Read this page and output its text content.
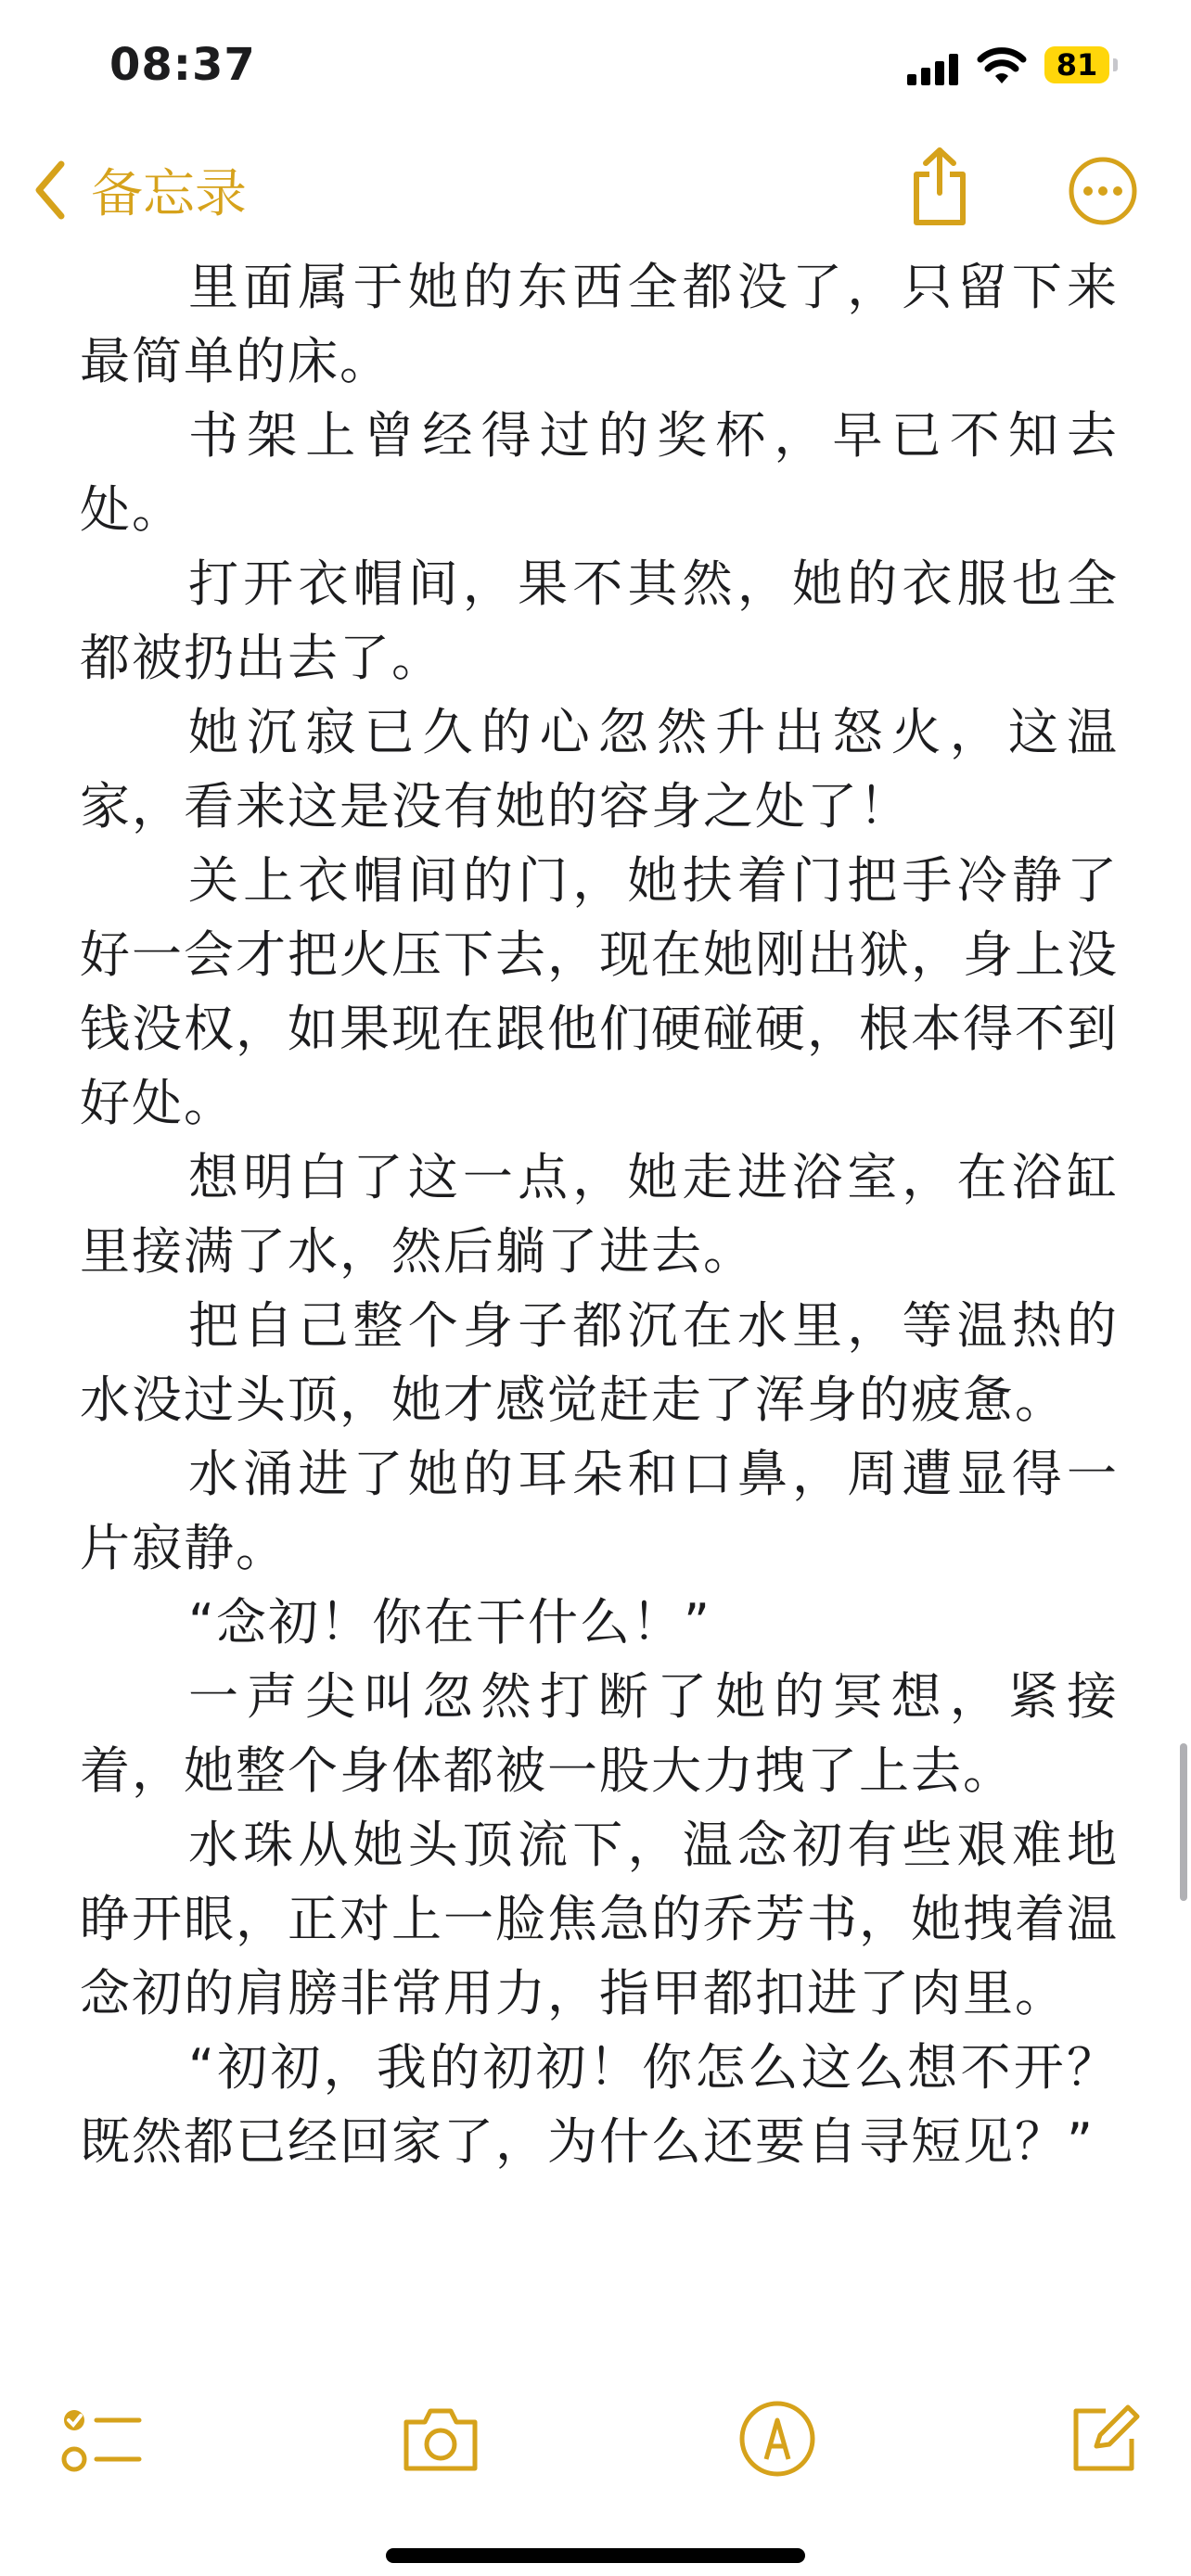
08:37	81

备忘录

里面属于她的东西全都没了，只留下来最简单的床。

书架上曾经得过的奖杯，早已不知去处。

打开衣帽间，果不其然，她的衣服也全都被扔出去了。

她沉寂已久的心忽然升出怒火，这温家，看来这是没有她的容身之处了！

关上衣帽间的门，她扶着门把手冷静了好一会才把火压下去，现在她刚出狱，身上没钱没权，如果现在跟他们硬碰硬，根本得不到好处。

想明白了这一点，她走进浴室，在浴缸里接满了水，然后躺了进去。

把自己整个身子都沉在水里，等温热的水没过头顶，她才感觉赶走了浑身的疲惫。

水涌进了她的耳朵和口鼻，周遭显得一片寂静。

“念初！你在干什么！”

一声尖叫忽然打断了她的冥想，紧接着，她整个身体都被一股大力拽了上去。

水珠从她头顶流下，温念初有些艰难地睁开眼，正对上一脸焦急的乔芳书，她拽着温念初的肩膀非常用力，指甲都扣进了肉里。

“初初，我的初初！你怎么这么想不开？既然都已经回家了，为什么还要自寻短见？”
